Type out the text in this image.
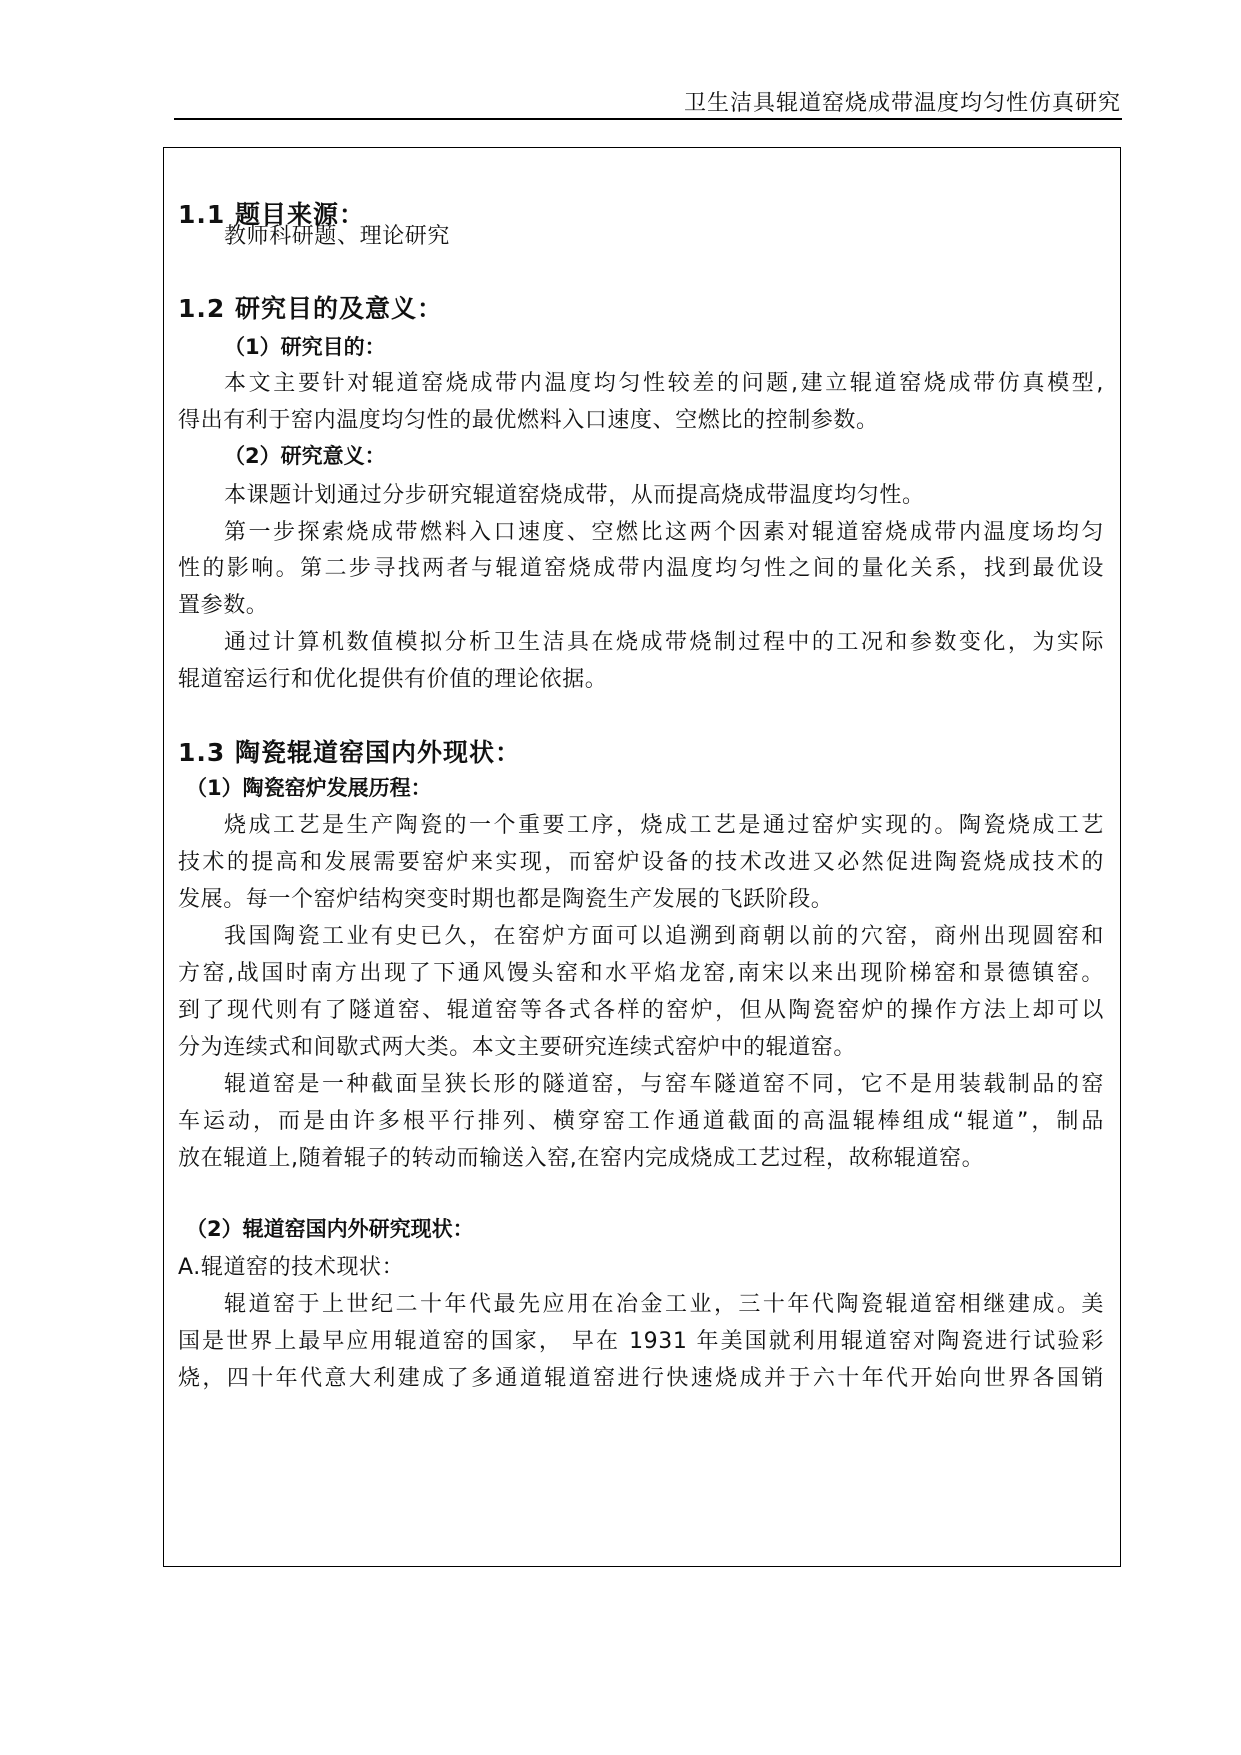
卫生洁具辊道窑烧成带温度均匀性仿真研究
1.1 题目来源：
教师科研题、理论研究
1.2 研究目的及意义：
（1）研究目的：
本文主要针对辊道窑烧成带内温度均匀性较差的问题,建立辊道窑烧成带仿真模型,
得出有利于窑内温度均匀性的最优燃料入口速度、空燃比的控制参数。
（2）研究意义：
本课题计划通过分步研究辊道窑烧成带，从而提高烧成带温度均匀性。
第一步探索烧成带燃料入口速度、空燃比这两个因素对辊道窑烧成带内温度场均匀
性的影响。第二步寻找两者与辊道窑烧成带内温度均匀性之间的量化关系，找到最优设
置参数。
通过计算机数值模拟分析卫生洁具在烧成带烧制过程中的工况和参数变化，为实际
辊道窑运行和优化提供有价值的理论依据。
1.3 陶瓷辊道窑国内外现状：
（1）陶瓷窑炉发展历程：
烧成工艺是生产陶瓷的一个重要工序，烧成工艺是通过窑炉实现的。陶瓷烧成工艺
技术的提高和发展需要窑炉来实现，而窑炉设备的技术改进又必然促进陶瓷烧成技术的
发展。每一个窑炉结构突变时期也都是陶瓷生产发展的飞跃阶段。
我国陶瓷工业有史已久，在窑炉方面可以追溯到商朝以前的穴窑，商州出现圆窑和
方窑,战国时南方出现了下通风馒头窑和水平焰龙窑,南宋以来出现阶梯窑和景德镇窑。
到了现代则有了隧道窑、辊道窑等各式各样的窑炉，但从陶瓷窑炉的操作方法上却可以
分为连续式和间歇式两大类。本文主要研究连续式窑炉中的辊道窑。
辊道窑是一种截面呈狭长形的隧道窑，与窑车隧道窑不同，它不是用装载制品的窑
车运动，而是由许多根平行排列、横穿窑工作通道截面的高温辊棒组成“辊道”，制品
放在辊道上,随着辊子的转动而输送入窑,在窑内完成烧成工艺过程，故称辊道窑。
（2）辊道窑国内外研究现状：
A.辊道窑的技术现状：
辊道窑于上世纪二十年代最先应用在冶金工业，三十年代陶瓷辊道窑相继建成。美
国是世界上最早应用辊道窑的国家， 早在 1931 年美国就利用辊道窑对陶瓷进行试验彩
烧，四十年代意大利建成了多通道辊道窑进行快速烧成并于六十年代开始向世界各国销
